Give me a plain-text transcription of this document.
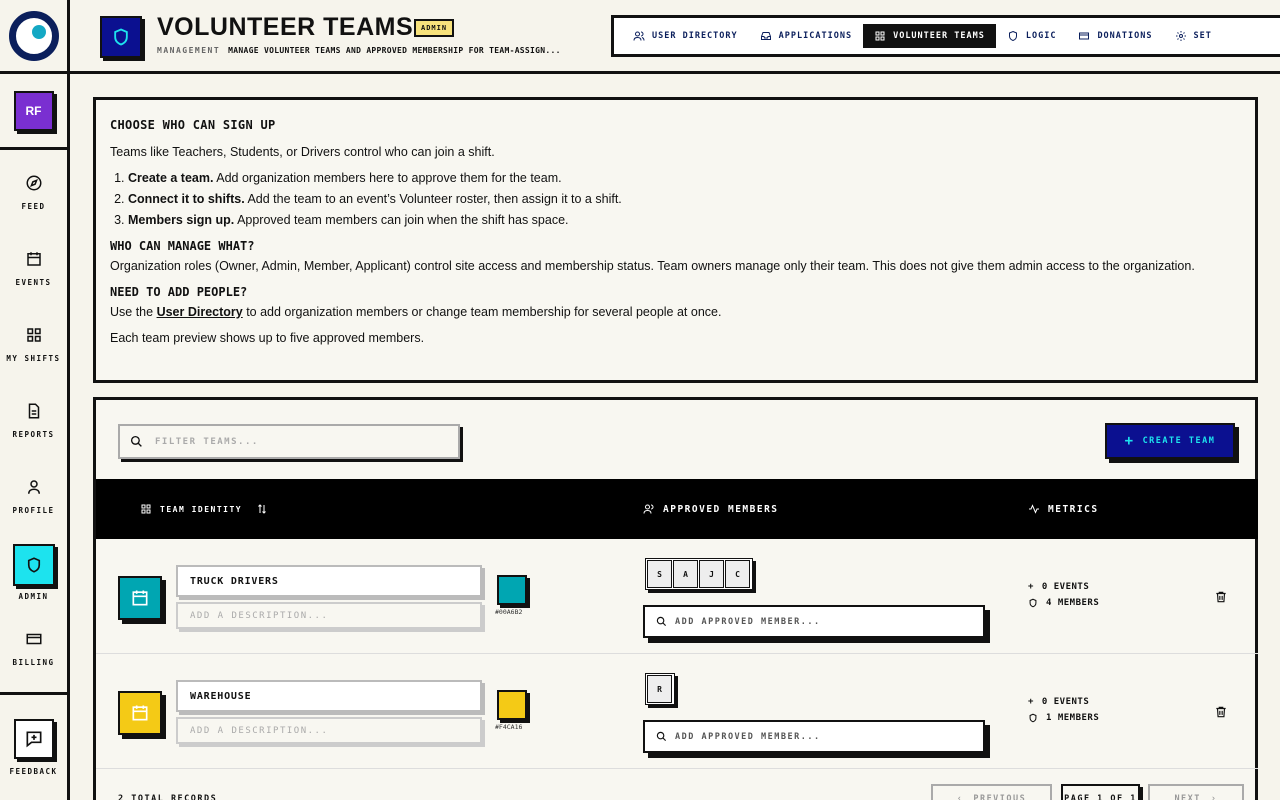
RF
FEED
EVENTS
MY SHIFTS
REPORTS
PROFILE
ADMIN
BILLING
FEEDBACK
VOLUNTEER TEAMS	ADMIN
MANAGEMENT MANAGE VOLUNTEER TEAMS AND APPROVED MEMBERSHIP FOR TEAM-ASSIGN...
USER DIRECTORY	APPLICATIONS	VOLUNTEER TEAMS	LOGIC	DONATIONS	SET
CHOOSE WHO CAN SIGN UP

Teams like Teachers, Students, or Drivers control who can join a shift.

1. Create a team. Add organization members here to approve them for the team.
2. Connect it to shifts. Add the team to an event’s Volunteer roster, then assign it to a shift.
3. Members sign up. Approved team members can join when the shift has space.
WHO CAN MANAGE WHAT?

Organization roles (Owner, Admin, Member, Applicant) control site access and membership status. Team owners manage only their team. This does not give them admin access to the organization.

NEED TO ADD PEOPLE?

Use the User Directory to add organization members or change team membership for several people at once.

Each team preview shows up to five approved members.

FILTER TEAMS...
+ CREATE TEAM
TEAM IDENTITY	APPROVED MEMBERS	METRICS
TRUCK DRIVERS
ADD A DESCRIPTION...	#00A6B2
S	A	J	C
ADD APPROVED MEMBER...
+ 0 EVENTS
4 MEMBERS
WAREHOUSE
ADD A DESCRIPTION...	#F4CA16
R
ADD APPROVED MEMBER...
+ 0 EVENTS
1 MEMBERS
2 TOTAL RECORDS	‹ PREVIOUS	PAGE 1 OF 1	NEXT ›
